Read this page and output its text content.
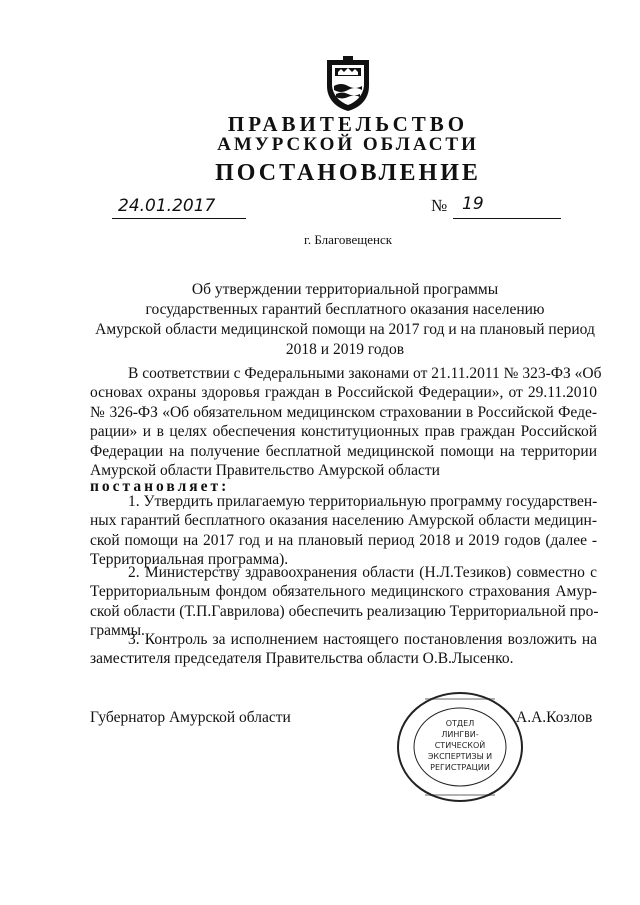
ПРАВИТЕЛЬСТВО
АМУРСКОЙ ОБЛАСТИ
ПОСТАНОВЛЕНИЕ
24.01.2017	№ 19
г. Благовещенск
Об утверждении территориальной программы
государственных гарантий бесплатного оказания населению
Амурской области медицинской помощи на 2017 год и на плановый период
2018 и 2019 годов
В соответствии с Федеральными законами от 21.11.2011 № 323-ФЗ «Об
основах охраны здоровья граждан в Российской Федерации», от 29.11.2010
№ 326-ФЗ «Об обязательном медицинском страховании в Российской Феде-
рации» и в целях обеспечения конституционных прав граждан Российской
Федерации на получение бесплатной медицинской помощи на территории
Амурской области Правительство Амурской области
постановляет:
1. Утвердить прилагаемую территориальную программу государствен-
ных гарантий бесплатного оказания населению Амурской области медицин-
ской помощи на 2017 год и на плановый период 2018 и 2019 годов (далее -
Территориальная программа).
2. Министерству здравоохранения области (Н.Л.Тезиков) совместно с
Территориальным фондом обязательного медицинского страхования Амур-
ской области (Т.П.Гаврилова) обеспечить реализацию Территориальной про-
граммы.
3. Контроль за исполнением настоящего постановления возложить на
заместителя председателя Правительства области О.В.Лысенко.
Губернатор Амурской области	ОТДЕЛ
ЛИНГВИ-
СТИЧЕСКОЙ
ЭКСПЕРТИЗЫ И
РЕГИСТРАЦИИ
А.А.Козлов
